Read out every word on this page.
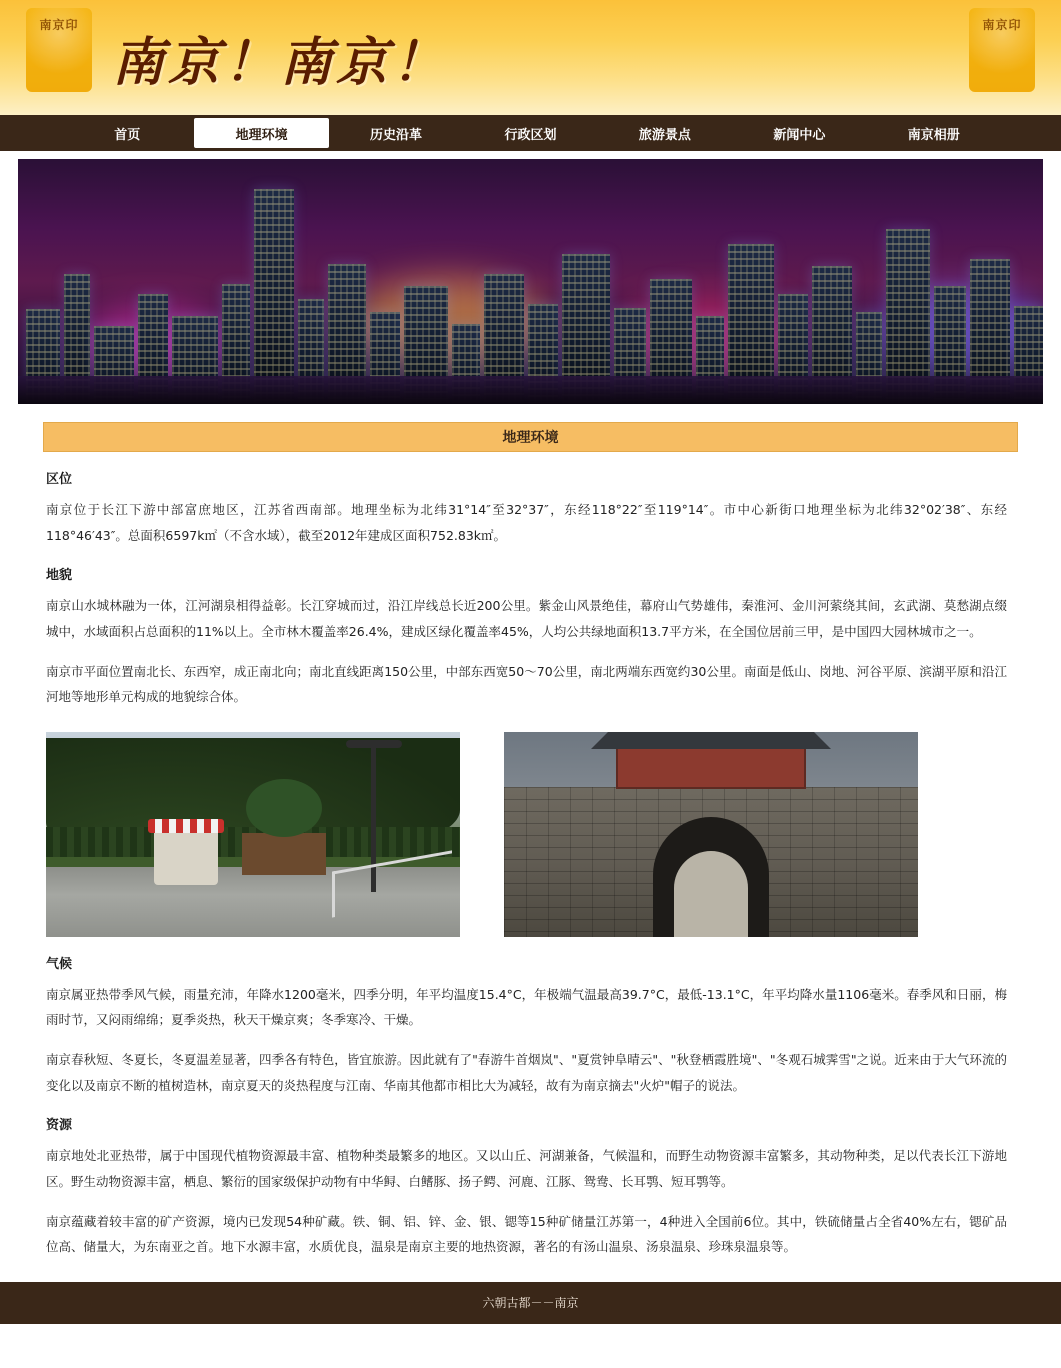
南京印
南京！南京！
南京印
首页	地理环境	历史沿革	行政区划	旅游景点	新闻中心	南京相册
地理环境
区位

南京位于长江下游中部富庶地区，江苏省西南部。地理坐标为北纬31°14″至32°37″，东经118°22″至119°14″。市中心新街口地理坐标为北纬32°02′38″、东经118°46′43″。总面积6597k㎡（不含水域），截至2012年建成区面积752.83k㎡。

地貌

南京山水城林融为一体，江河湖泉相得益彰。长江穿城而过，沿江岸线总长近200公里。紫金山风景绝佳，幕府山气势雄伟，秦淮河、金川河萦绕其间，玄武湖、莫愁湖点缀城中，水域面积占总面积的11%以上。全市林木覆盖率26.4%，建成区绿化覆盖率45%，人均公共绿地面积13.7平方米，在全国位居前三甲，是中国四大园林城市之一。

南京市平面位置南北长、东西窄，成正南北向；南北直线距离150公里，中部东西宽50～70公里，南北两端东西宽约30公里。南面是低山、岗地、河谷平原、滨湖平原和沿江河地等地形单元构成的地貌综合体。

气候

南京属亚热带季风气候，雨量充沛，年降水1200毫米，四季分明，年平均温度15.4°C，年极端气温最高39.7°C，最低-13.1°C，年平均降水量1106毫米。春季风和日丽，梅雨时节，又闷雨绵绵；夏季炎热，秋天干燥京爽；冬季寒冷、干燥。

南京春秋短、冬夏长，冬夏温差显著，四季各有特色，皆宜旅游。因此就有了"春游牛首烟岚"、"夏赏钟阜晴云"、"秋登栖霞胜境"、"冬观石城霁雪"之说。近来由于大气环流的变化以及南京不断的植树造林，南京夏天的炎热程度与江南、华南其他都市相比大为减轻，故有为南京摘去"火炉"帽子的说法。

资源

南京地处北亚热带，属于中国现代植物资源最丰富、植物种类最繁多的地区。又以山丘、河湖兼备，气候温和，而野生动物资源丰富繁多，其动物种类，足以代表长江下游地区。野生动物资源丰富，栖息、繁衍的国家级保护动物有中华鲟、白鳍豚、扬子鳄、河鹿、江豚、鸳鸯、长耳鹗、短耳鹗等。

南京蕴藏着较丰富的矿产资源，境内已发现54种矿藏。铁、铜、铝、锌、金、银、锶等15种矿储量江苏第一，4种进入全国前6位。其中，铁硫储量占全省40%左右，锶矿品位高、储量大，为东南亚之首。地下水源丰富，水质优良，温泉是南京主要的地热资源，著名的有汤山温泉、汤泉温泉、珍珠泉温泉等。

六朝古都－－南京
